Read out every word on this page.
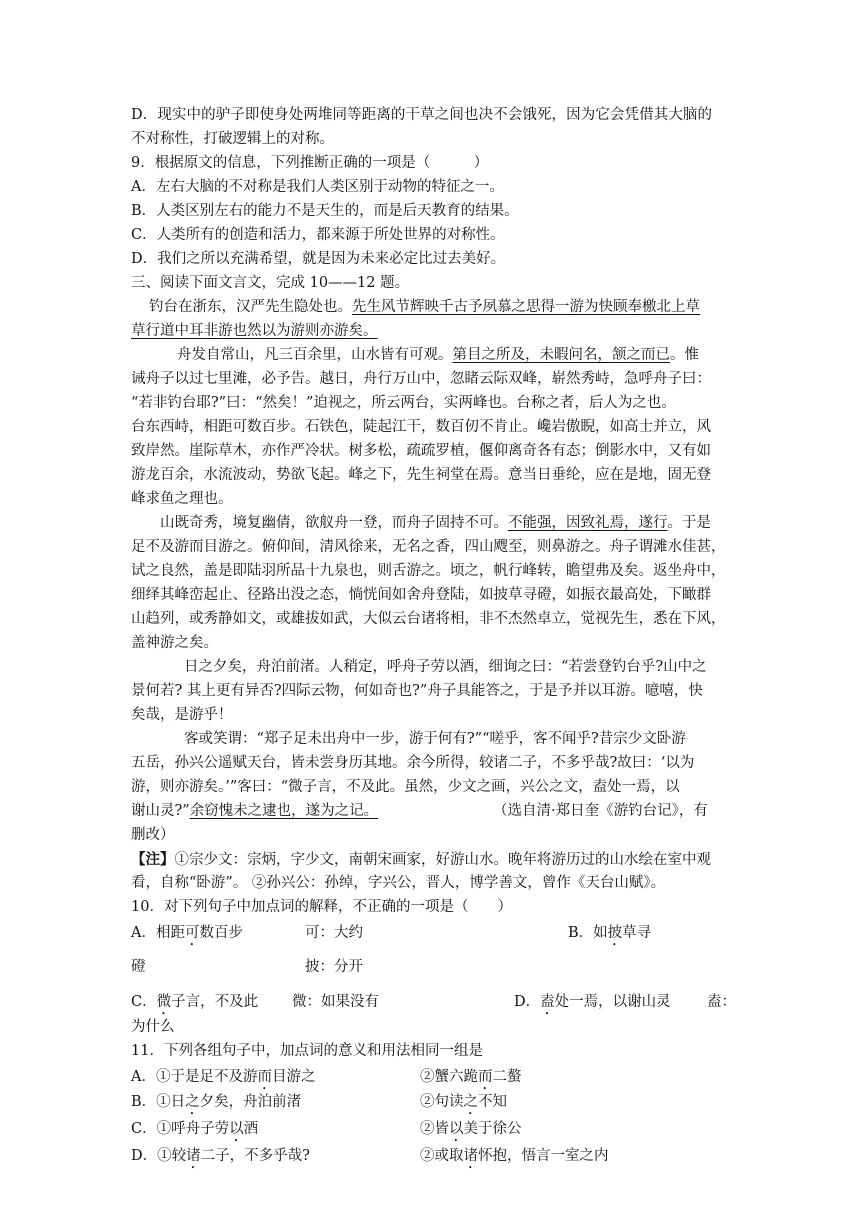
D．现实中的驴子即使身处两堆同等距离的干草之间也决不会饿死，因为它会凭借其大脑的
不对称性，打破逻辑上的对称。
9．根据原文的信息，下列推断正确的一项是（　　　）
A．左右大脑的不对称是我们人类区别于动物的特征之一。
B．人类区别左右的能力不是天生的，而是后天教育的结果。
C．人类所有的创造和活力，都来源于所处世界的对称性。
D．我们之所以充满希望，就是因为未来必定比过去美好。
三、阅读下面文言文，完成 10——12 题。
钓台在浙东，汉严先生隐处也。先生风节辉映千古予夙慕之思得一游为快顾奉檄北上草
草行道中耳非游也然以为游则亦游矣。
舟发自常山，凡三百余里，山水皆有可观。第目之所及，未暇问名，颔之而已。惟
诫舟子以过七里滩，必予告。越日，舟行万山中，忽睹云际双峰，崭然秀峙，急呼舟子曰：
“若非钓台耶?”曰：“然矣！”迫视之，所云两台，实两峰也。台称之者，后人为之也。
台东西峙，相距可数百步。石铁色，陡起江干，数百仞不肯止。巉岩傲睨，如高士并立，风
致岸然。崖际草木，亦作严冷状。树多松，疏疏罗植，偃仰离奇各有态；倒影水中，又有如
游龙百余，水流波动，势欲飞起。峰之下，先生祠堂在焉。意当日垂纶，应在是地，固无登
峰求鱼之理也。
山既奇秀，境复幽倩，欲舣舟一登，而舟子固持不可。不能强，因致礼焉，遂行。于是
足不及游而目游之。俯仰间，清风徐来，无名之香，四山飕至，则鼻游之。舟子谓滩水佳甚，
试之良然，盖是即陆羽所品十九泉也，则舌游之。顷之，帆行峰转，瞻望弗及矣。返坐舟中，
细绎其峰峦起止、径路出没之态，惝恍间如舍舟登陆，如披草寻磴，如振衣最高处，下瞰群
山趋列，或秀静如文，或雄拔如武，大似云台诸将相，非不杰然卓立，觉视先生，悉在下风，
盖神游之矣。
日之夕矣，舟泊前渚。人稍定，呼舟子劳以酒，细询之曰：“若尝登钓台乎?山中之
景何若? 其上更有异否?四际云物，何如奇也?”舟子具能答之，于是予并以耳游。噫嘻，快
矣哉，是游乎！
客或笑谓：“郑子足未出舟中一步，游于何有?”“嗟乎，客不闻乎?昔宗少文卧游
五岳，孙兴公遥赋天台，皆未尝身历其地。余今所得，较诸二子，不多乎哉?故曰：‘以为
游，则亦游矣。’”客曰：“微子言，不及此。虽然，少文之画，兴公之文，盍处一焉，以
谢山灵?”余窃愧未之逮也，遂为之记。	（选自清·郑日奎《游钓台记》，有
删改）
【注】①宗少文：宗炳，字少文，南朝宋画家，好游山水。晚年将游历过的山水绘在室中观
看，自称“卧游”。 ②孙兴公：孙绰，字兴公，晋人，博学善文，曾作《天台山赋》。
10．对下列句子中加点词的解释，不正确的一项是（　　）
A．相距可数百步	可：大约	B．如披草寻
磴	披：分开
C．微子言，不及此 微：如果没有	D．盍处一焉，以谢山灵	盍：
为什么
11．下列各组句子中，加点词的意义和用法相同一组是
A．①于是足不及游而目游之	②蟹六跪而二螯
B．①日之夕矣，舟泊前渚	②句读之不知
C．①呼舟子劳以酒	②皆以美于徐公
D．①较诸二子，不多乎哉?	②或取诸怀抱，悟言一室之内
